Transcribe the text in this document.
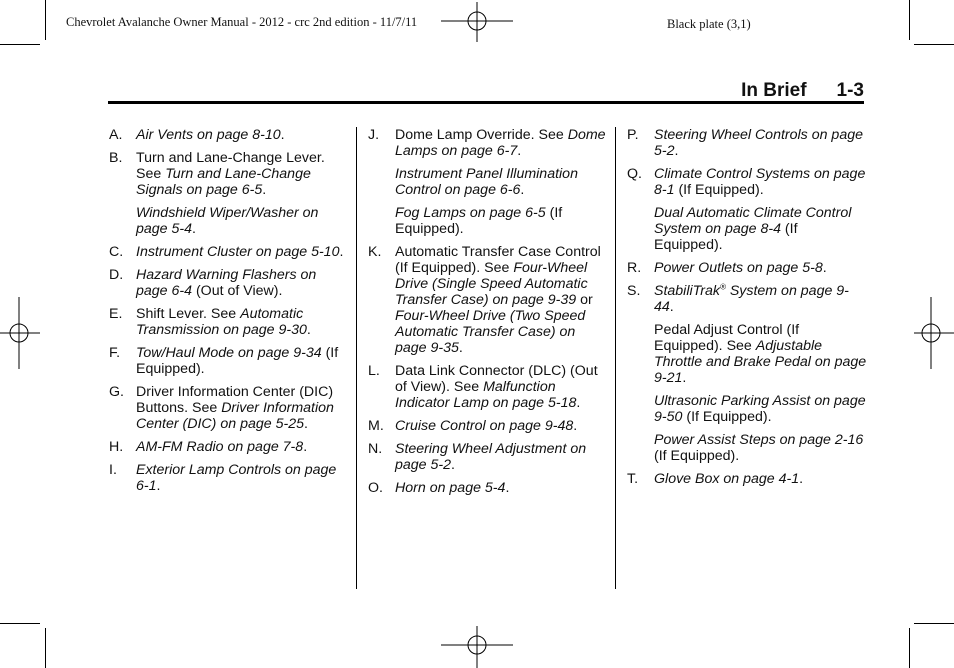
Chevrolet Avalanche Owner Manual - 2012 - crc 2nd edition - 11/7/11	Black plate (3,1)
In Brief 1-3
A. Air Vents on page 8-10.
B. Turn and Lane-Change Lever. See Turn and Lane-Change Signals on page 6-5.
Windshield Wiper/Washer on page 5-4.
C. Instrument Cluster on page 5-10.
D. Hazard Warning Flashers on page 6-4 (Out of View).
E. Shift Lever. See Automatic Transmission on page 9-30.
F.	Tow/Haul Mode on page 9-34 (If Equipped).
G. Driver Information Center (DIC) Buttons. See Driver Information Center (DIC) on page 5-25.
H. AM-FM Radio on page 7-8.
I.	Exterior Lamp Controls on page 6-1.
J.	Dome Lamp Override. See Dome Lamps on page 6-7.
Instrument Panel Illumination Control on page 6-6.
Fog Lamps on page 6-5 (If Equipped).
K. Automatic Transfer Case Control (If Equipped). See Four-Wheel Drive (Single Speed Automatic Transfer Case) on page 9-39 or Four-Wheel Drive (Two Speed Automatic Transfer Case) on page 9-35.
L.	Data Link Connector (DLC) (Out of View). See Malfunction Indicator Lamp on page 5-18.
M. Cruise Control on page 9-48.
N. Steering Wheel Adjustment on page 5-2.
O. Horn on page 5-4.
P.	Steering Wheel Controls on page 5-2.
Q. Climate Control Systems on page 8-1 (If Equipped).
Dual Automatic Climate Control System on page 8-4 (If Equipped).
R. Power Outlets on page 5-8.
S. StabiliTrak® System on page 9-44.
Pedal Adjust Control (If Equipped). See Adjustable Throttle and Brake Pedal on page 9-21.
Ultrasonic Parking Assist on page 9-50 (If Equipped).
Power Assist Steps on page 2-16 (If Equipped).
T.	Glove Box on page 4-1.
